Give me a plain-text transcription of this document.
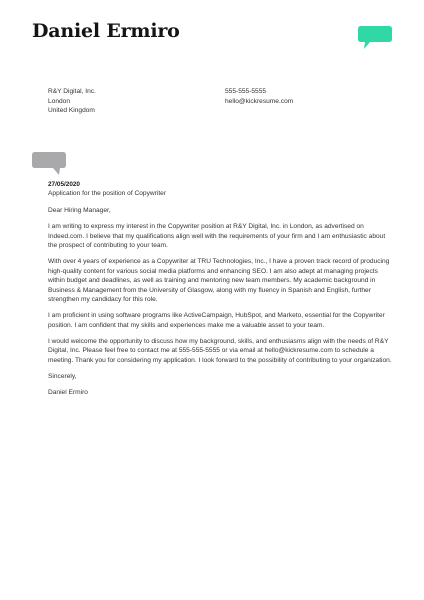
Daniel Ermiro
R&Y Digital, Inc.
London
United Kingdom
555-555-5555
hello@kickresume.com
27/05/2020
Application for the position of Copywriter

Dear Hiring Manager,

I am writing to express my interest in the Copywriter position at R&Y Digital, Inc. in London, as advertised on Indeed.com. I believe that my qualifications align well with the requirements of your firm and I am enthusiastic about the prospect of contributing to your team.

With over 4 years of experience as a Copywriter at TRU Technologies, Inc., I have a proven track record of producing high-quality content for various social media platforms and enhancing SEO. I am also adept at managing projects within budget and deadlines, as well as training and mentoring new team members. My academic background in Business & Management from the University of Glasgow, along with my fluency in Spanish and English, further strengthen my candidacy for this role.

I am proficient in using software programs like ActiveCampaign, HubSpot, and Marketo, essential for the Copywriter position. I am confident that my skills and experiences make me a valuable asset to your team.

I would welcome the opportunity to discuss how my background, skills, and enthusiasms align with the needs of R&Y Digital, Inc. Please feel free to contact me at 555-555-5555 or via email at hello@kickresume.com to schedule a meeting. Thank you for considering my application. I look forward to the possibility of contributing to your organization.

Sincerely,

Daniel Ermiro
